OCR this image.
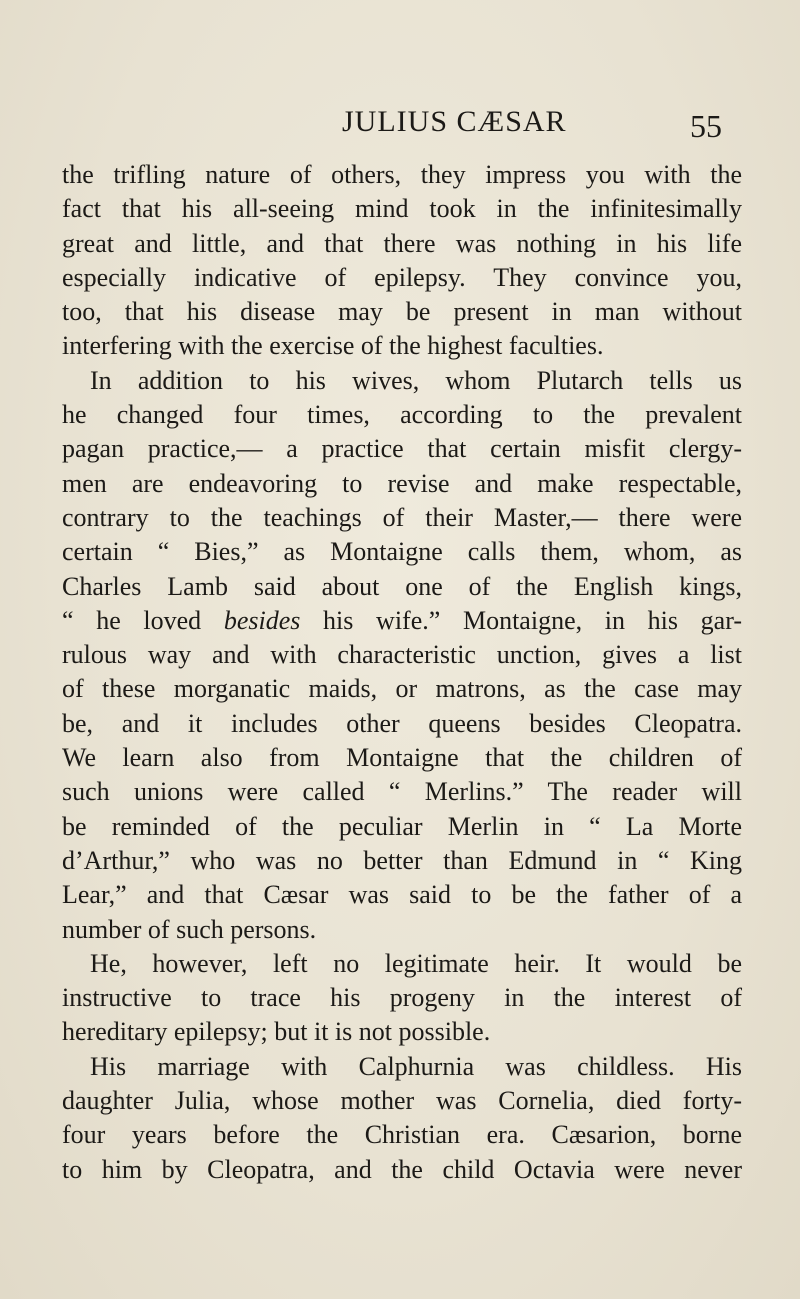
JULIUS CÆSAR	55
the trifling nature of others, they impress you with the
fact that his all-seeing mind took in the infinitesimally
great and little, and that there was nothing in his life
especially indicative of epilepsy. They convince you,
too, that his disease may be present in man without
interfering with the exercise of the highest faculties.
In addition to his wives, whom Plutarch tells us
he changed four times, according to the prevalent
pagan practice,— a practice that certain misfit clergy-
men are endeavoring to revise and make respectable,
contrary to the teachings of their Master,— there were
certain “ Bies,” as Montaigne calls them, whom, as
Charles Lamb said about one of the English kings,
“ he loved besides his wife.” Montaigne, in his gar-
rulous way and with characteristic unction, gives a list
of these morganatic maids, or matrons, as the case may
be, and it includes other queens besides Cleopatra.
We learn also from Montaigne that the children of
such unions were called “ Merlins.” The reader will
be reminded of the peculiar Merlin in “ La Morte
d’Arthur,” who was no better than Edmund in “ King
Lear,” and that Cæsar was said to be the father of a
number of such persons.
He, however, left no legitimate heir. It would be
instructive to trace his progeny in the interest of
hereditary epilepsy; but it is not possible.
His marriage with Calphurnia was childless. His
daughter Julia, whose mother was Cornelia, died forty-
four years before the Christian era. Cæsarion, borne
to him by Cleopatra, and the child Octavia were never
